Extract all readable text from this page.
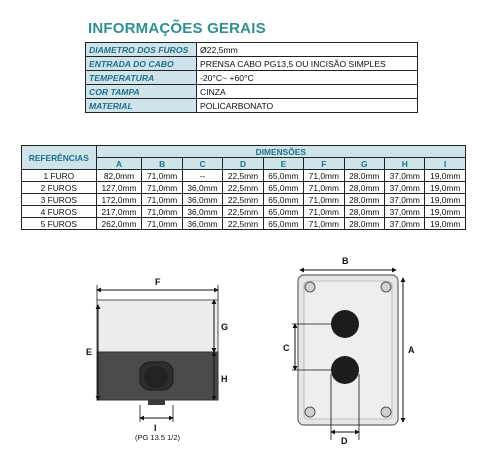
INFORMAÇÕES GERAIS
DIAMETRO DOS FUROS	Ø22,5mm
ENTRADA DO CABO	PRENSA CABO PG13,5 OU INCISÃO SIMPLES
TEMPERATURA	-20°C~ +60°C
COR TAMPA	CINZA
MATERIAL	POLICARBONATO
REFERÊNCIAS	DIMENSÕES								
	A	B	C	D	E	F	G	H	I
1 FURO	82,0mm	71,0mm	--	22,5mm	65,0mm	71,0mm	28,0mm	37,0mm	19,0mm
2 FUROS	127,0mm	71,0mm	36,0mm	22,5mm	65,0mm	71,0mm	28,0mm	37,0mm	19,0mm
3 FUROS	172,0mm	71,0mm	36,0mm	22,5mm	65,0mm	71,0mm	28,0mm	37,0mm	19,0mm
4 FUROS	217,0mm	71,0mm	36,0mm	22,5mm	65,0mm	71,0mm	28,0mm	37,0mm	19,0mm
5 FUROS	262,0mm	71,0mm	36,0mm	22,5mm	65,0mm	71,0mm	28,0mm	37,0mm	19,0mm
F
E
G
H
I
(PG 13.5 1/2)
B
A
C
D
